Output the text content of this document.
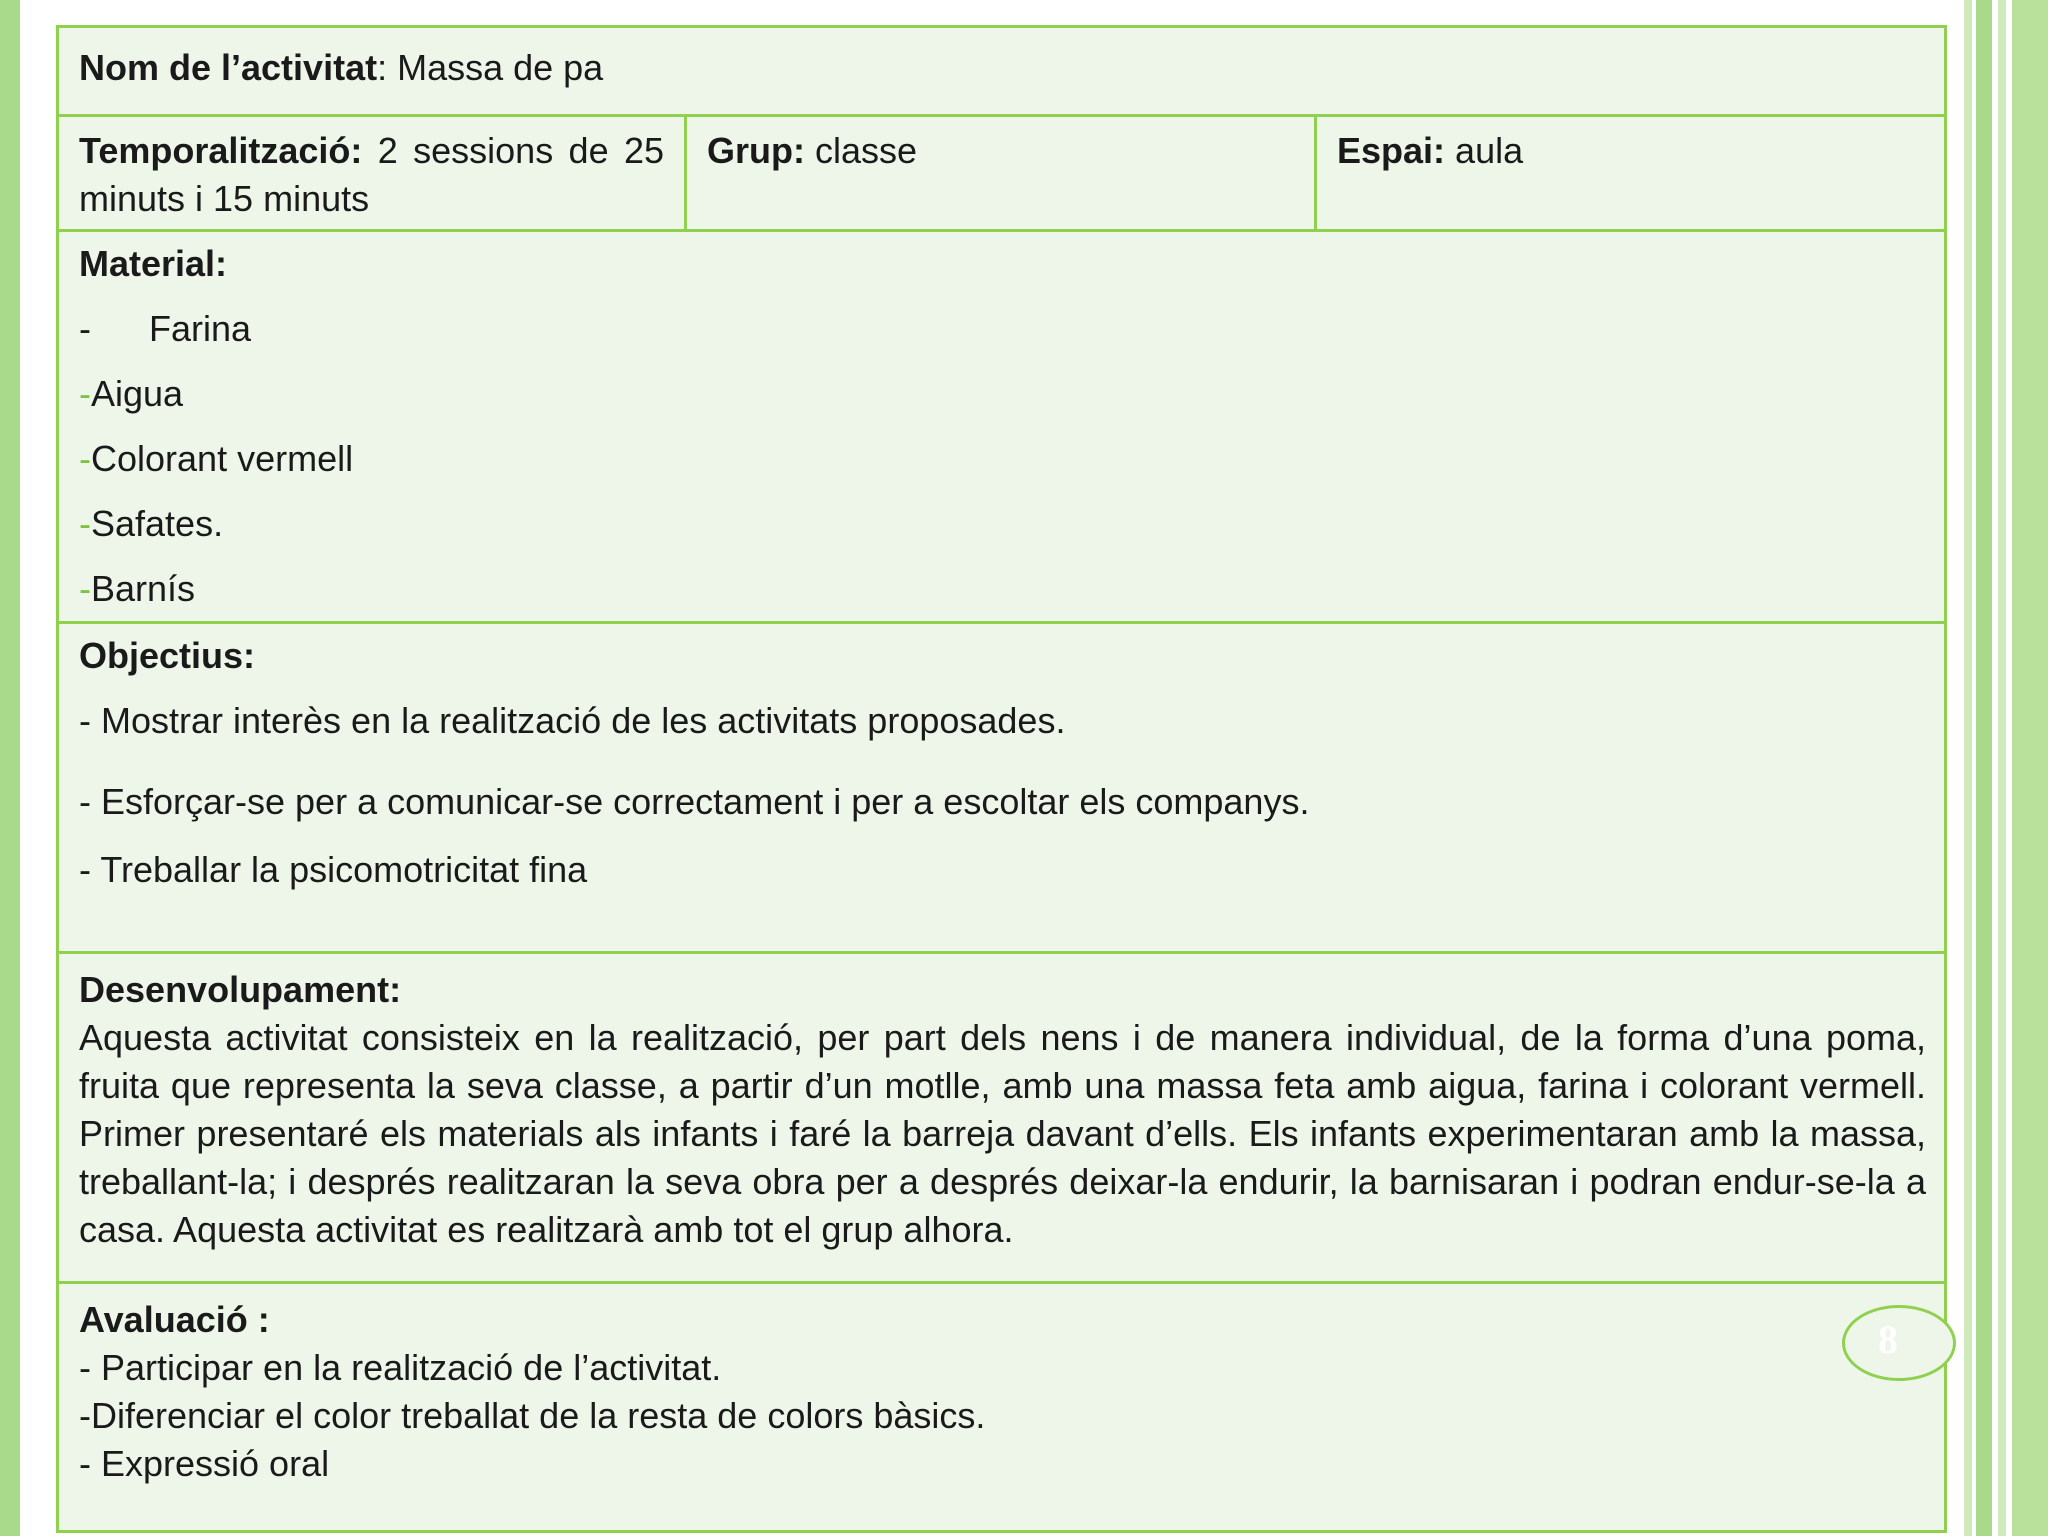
Nom de l’activitat: Massa de pa
Temporalització: 2 sessions de 25 minuts i 15 minuts	Grup: classe	Espai: aula

Material:

- Farina

-Aigua

-Colorant vermell

-Safates.

-Barnís

Objectius:

- Mostrar interès en la realització de les activitats proposades.

- Esforçar-se per a comunicar-se correctament i per a escoltar els companys.

- Treballar la psicomotricitat fina

Desenvolupament:

Aquesta activitat consisteix en la realització, per part dels nens i de manera individual, de la forma d’una poma, fruita que representa la seva classe, a partir d’un motlle, amb una massa feta amb aigua, farina i colorant vermell. Primer presentaré els materials als infants i faré la barreja davant d’ells. Els infants experimentaran amb la massa, treballant-la; i després realitzaran la seva obra per a després deixar-la endurir, la barnisaran i podran endur-se-la a casa. Aquesta activitat es realitzarà amb tot el grup alhora.

Avaluació :

- Participar en la realització de l’activitat.

-Diferenciar el color treballat de la resta de colors bàsics.

- Expressió oral

8
